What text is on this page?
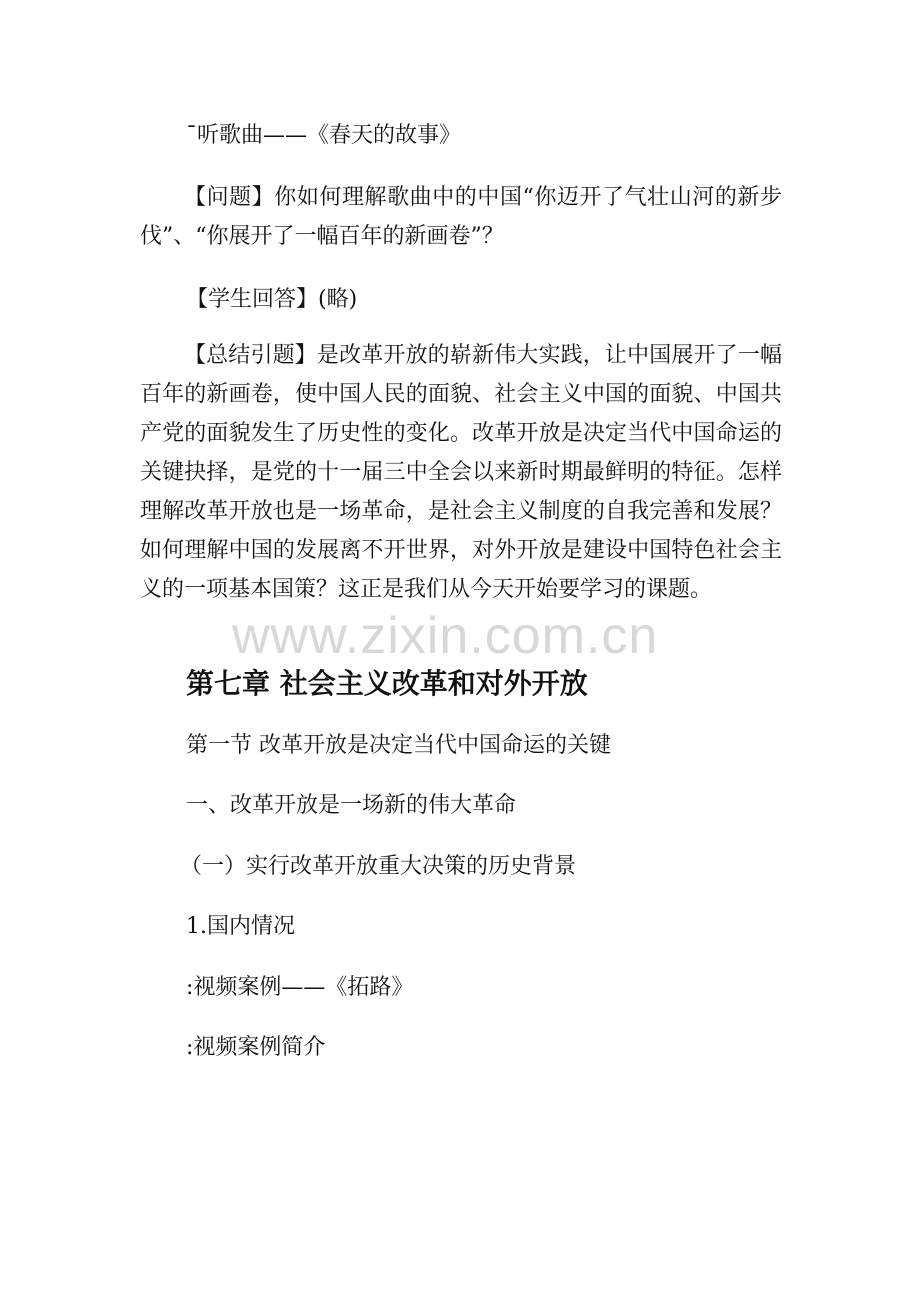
¯听歌曲——《春天的故事》

【问题】你如何理解歌曲中的中国“你迈开了气壮山河的新步伐”、“你展开了一幅百年的新画卷”？

【学生回答】(略)

【总结引题】是改革开放的崭新伟大实践，让中国展开了一幅百年的新画卷，使中国人民的面貌、社会主义中国的面貌、中国共产党的面貌发生了历史性的变化。改革开放是决定当代中国命运的关键抉择，是党的十一届三中全会以来新时期最鲜明的特征。怎样理解改革开放也是一场革命，是社会主义制度的自我完善和发展？如何理解中国的发展离不开世界，对外开放是建设中国特色社会主义的一项基本国策？这正是我们从今天开始要学习的课题。

www.zixin.com.cn
第七章 社会主义改革和对外开放
第一节 改革开放是决定当代中国命运的关键
一、改革开放是一场新的伟大革命
（一）实行改革开放重大决策的历史背景
1.国内情况
:视频案例——《拓路》
:视频案例简介
